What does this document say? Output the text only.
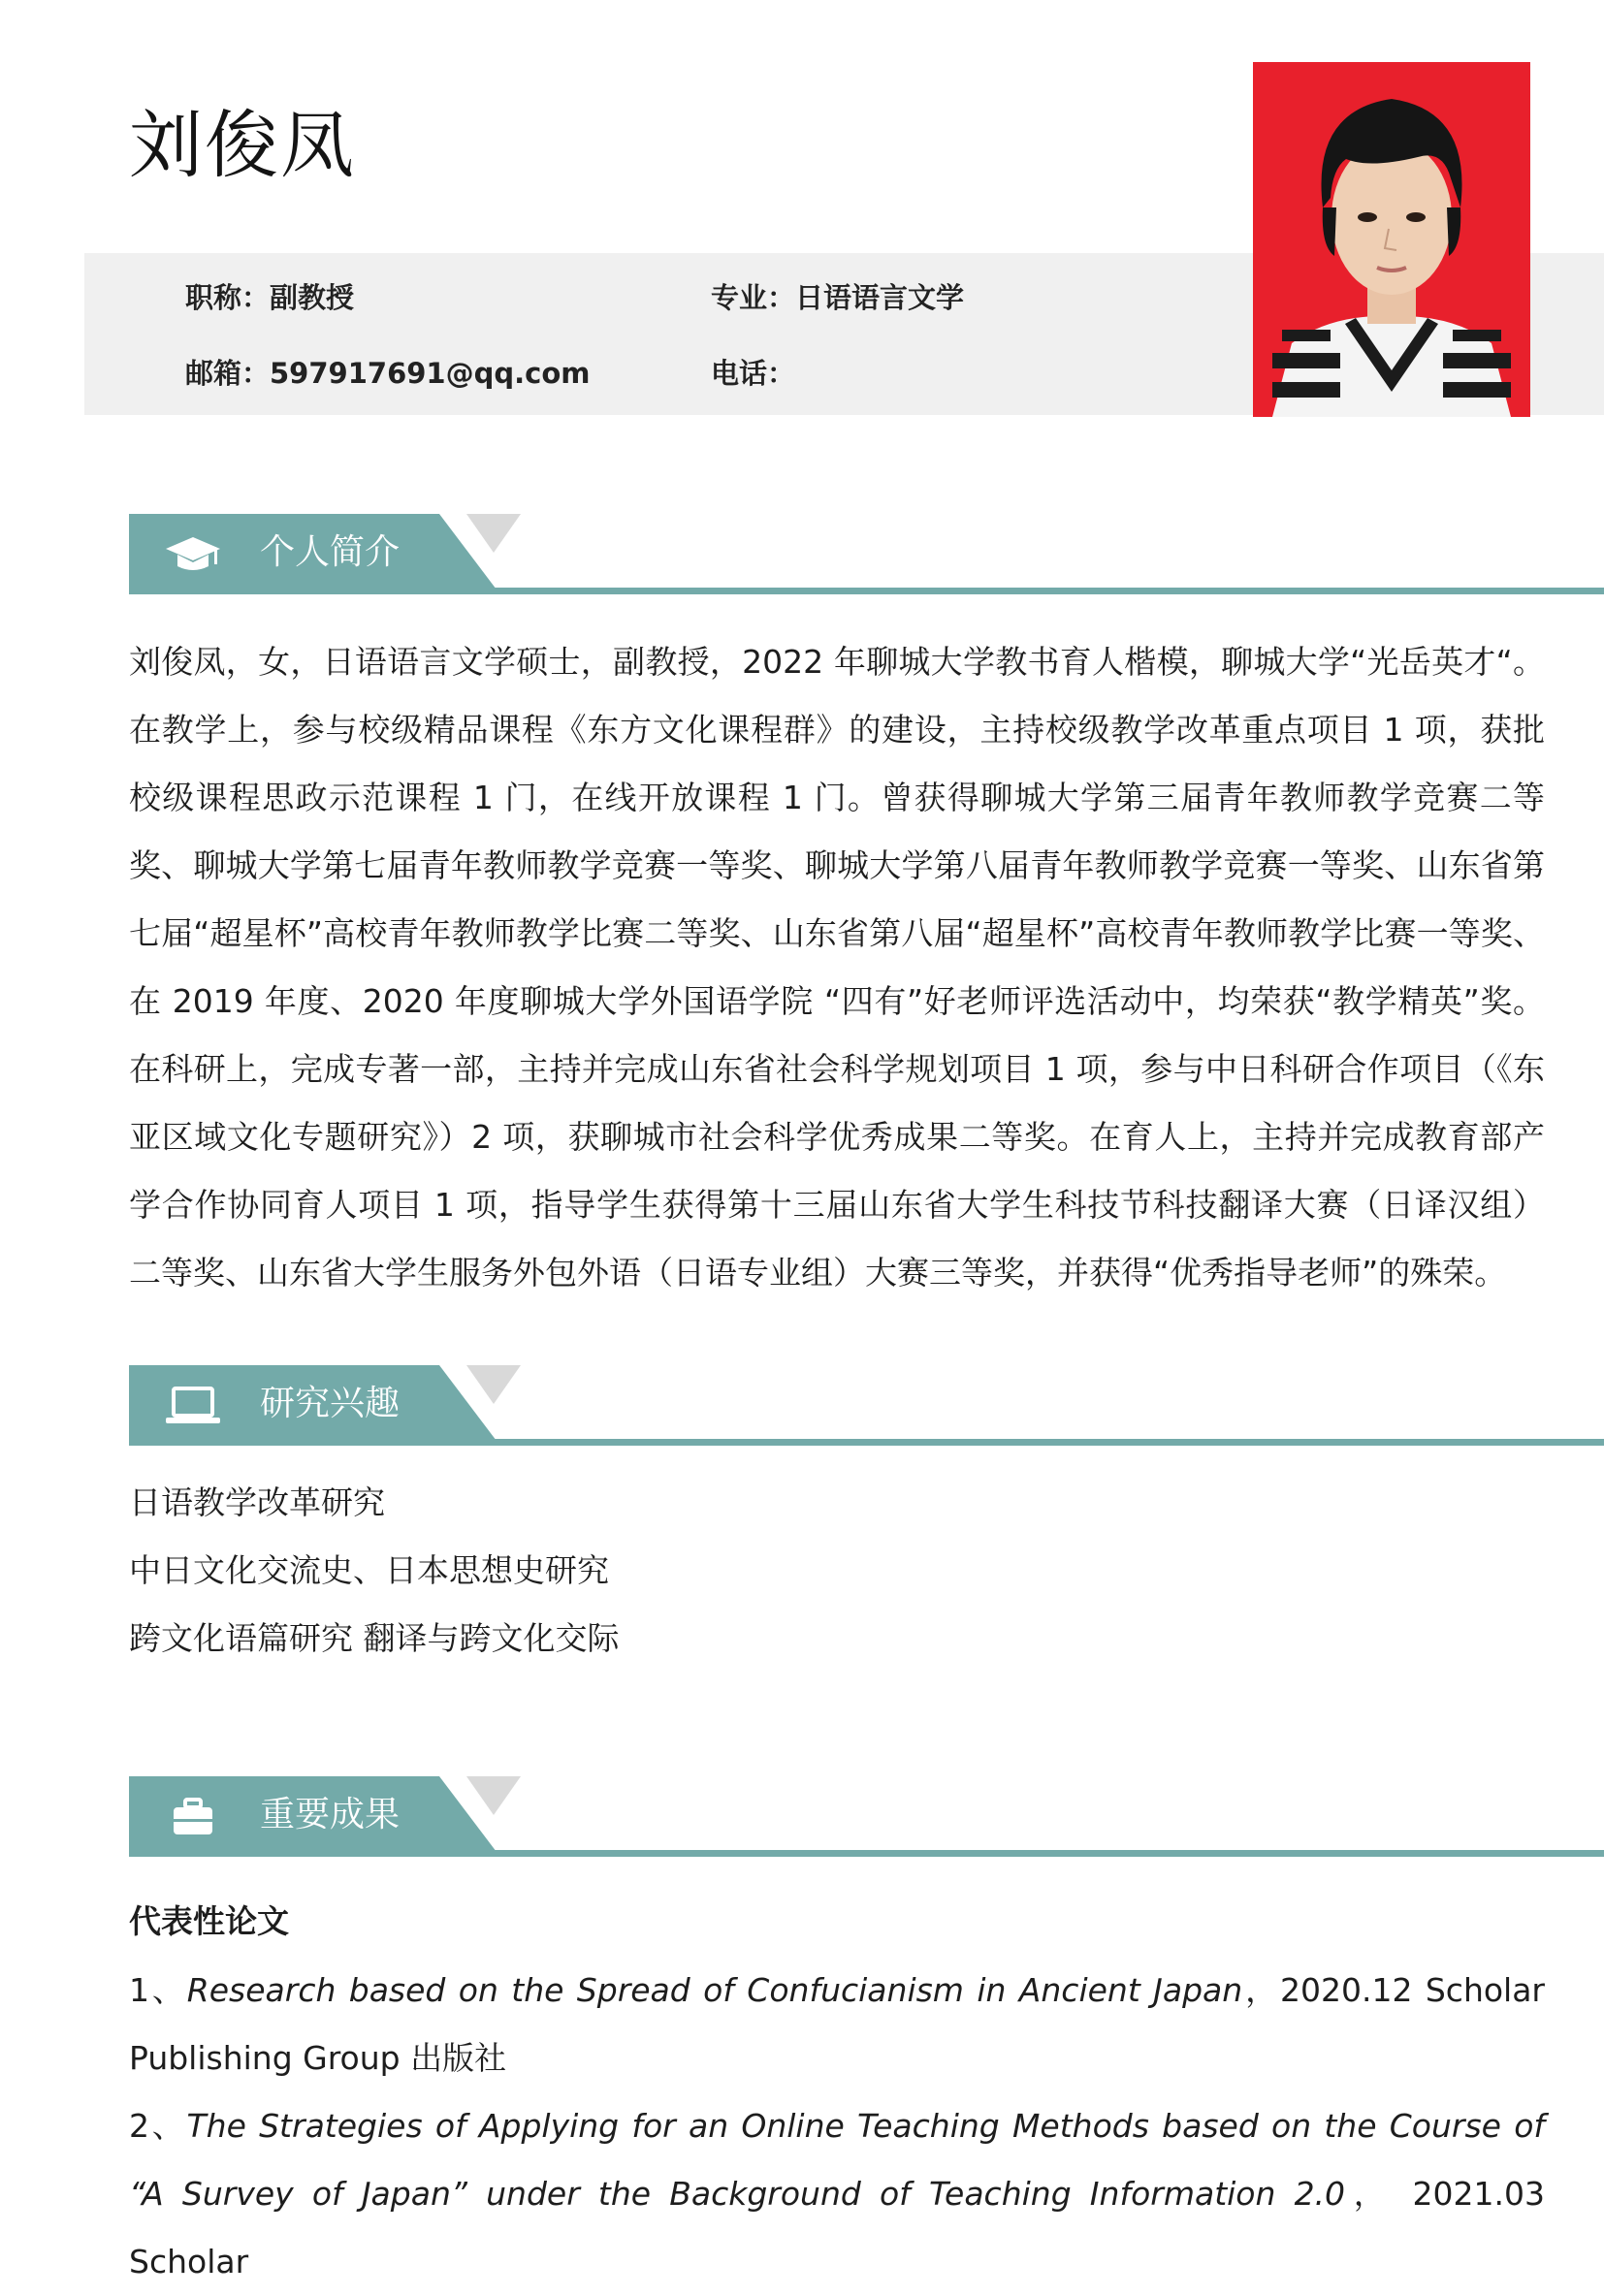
刘俊凤
职称：副教授	专业：日语语言文学
邮箱：597917691@qq.com	电话：
个人简介
刘俊凤，女，日语语言文学硕士，副教授，2022 年聊城大学教书育人楷模，聊城大学“光岳英才“。在教学上，参与校级精品课程《东方文化课程群》的建设，主持校级教学改革重点项目 1 项，获批校级课程思政示范课程 1 门，在线开放课程 1 门。曾获得聊城大学第三届青年教师教学竞赛二等奖、聊城大学第七届青年教师教学竞赛一等奖、聊城大学第八届青年教师教学竞赛一等奖、山东省第七届“超星杯”高校青年教师教学比赛二等奖、山东省第八届“超星杯”高校青年教师教学比赛一等奖、在 2019 年度、2020 年度聊城大学外国语学院 “四有”好老师评选活动中，均荣获“教学精英”奖。在科研上，完成专著一部，主持并完成山东省社会科学规划项目 1 项，参与中日科研合作项目（《东亚区域文化专题研究》）2 项，获聊城市社会科学优秀成果二等奖。在育人上，主持并完成教育部产学合作协同育人项目 1 项，指导学生获得第十三届山东省大学生科技节科技翻译大赛（日译汉组）二等奖、山东省大学生服务外包外语（日语专业组）大赛三等奖，并获得“优秀指导老师”的殊荣。
研究兴趣
日语教学改革研究
中日文化交流史、日本思想史研究
跨文化语篇研究 翻译与跨文化交际
重要成果
代表性论文
1、Research based on the Spread of Confucianism in Ancient Japan，2020.12 Scholar Publishing Group 出版社
2、The Strategies of Applying for an Online Teaching Methods based on the Course of “A Survey of Japan” under the Background of Teaching Information 2.0， 2021.03 Scholar
